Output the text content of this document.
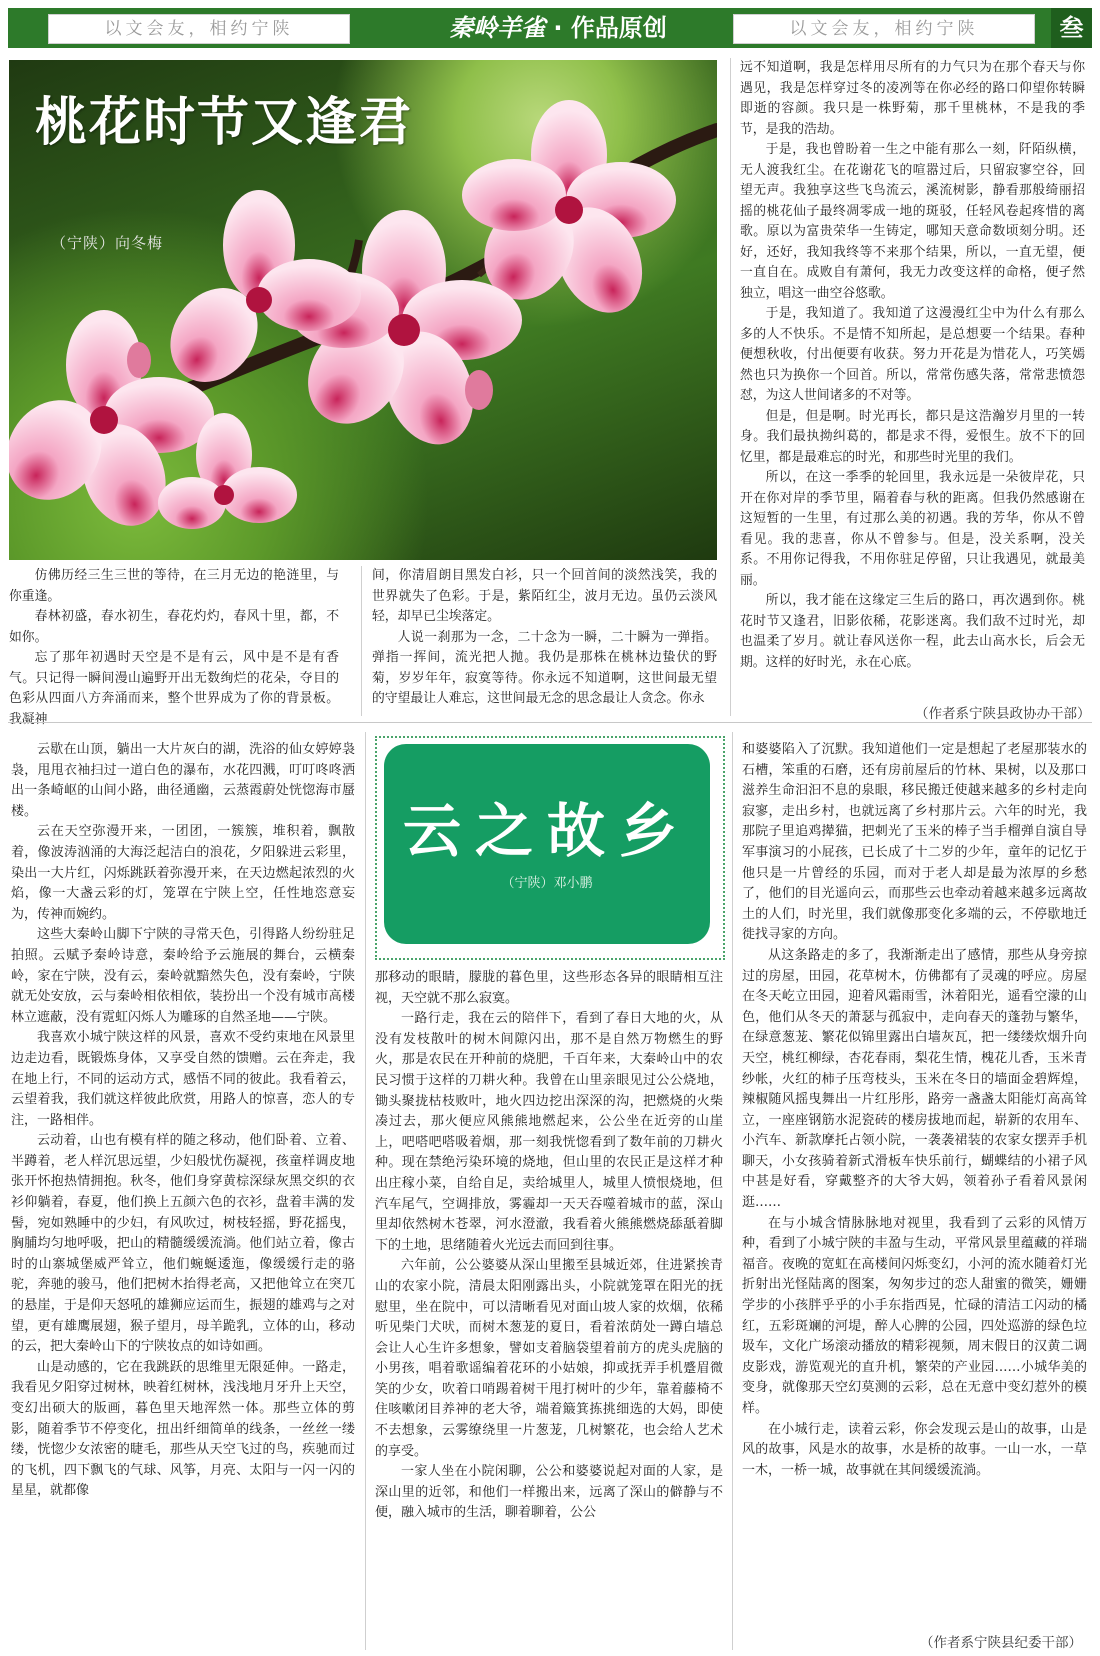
以文会友，相约宁陕	秦岭羊雀 · 作品原创	以文会友，相约宁陕	叁
桃花时节又逢君
（宁陕）向冬梅

仿佛历经三生三世的等待，在三月无边的艳涟里，与你重逢。

春林初盛，春水初生，春花灼灼，春风十里，都，不如你。

忘了那年初遇时天空是不是有云，风中是不是有香气。只记得一瞬间漫山遍野开出无数绚烂的花朵，夺目的色彩从四面八方奔涌而来，整个世界成为了你的背景板。我凝神

间，你清眉朗目黑发白衫，只一个回首间的淡然浅笑，我的世界就失了色彩。于是，紫陌红尘，波月无边。虽仍云淡风轻，却早已尘埃落定。

人说一刹那为一念，二十念为一瞬，二十瞬为一弹指。弹指一挥间，流光把人抛。我仍是那株在桃林边蛰伏的野菊，岁岁年年，寂寞等待。你永远不知道啊，这世间最无望的守望最让人难忘，这世间最无念的思念最让人贪念。你永

远不知道啊，我是怎样用尽所有的力气只为在那个春天与你遇见，我是怎样穿过冬的凌冽等在你必经的路口仰望你转瞬即逝的容颜。我只是一株野菊，那千里桃林，不是我的季节，是我的浩劫。

于是，我也曾盼着一生之中能有那么一刻，阡陌纵横，无人渡我红尘。在花谢花飞的喧嚣过后，只留寂寥空谷，回望无声。我独享这些飞鸟流云，溪流树影，静看那般绮丽招摇的桃花仙子最终凋零成一地的斑驳，任轻风卷起疼惜的离歌。原以为富贵荣华一生铸定，哪知天意命数顷刻分明。还好，还好，我知我终等不来那个结果，所以，一直无望，便一直自在。成败自有萧何，我无力改变这样的命格，便孑然独立，唱这一曲空谷悠歌。

于是，我知道了。我知道了这漫漫红尘中为什么有那么多的人不快乐。不是情不知所起，是总想要一个结果。春种便想秋收，付出便要有收获。努力开花是为惜花人，巧笑嫣然也只为换你一个回首。所以，常常伤感失落，常常悲愤怨怼，为这人世间诸多的不对等。

但是，但是啊。时光再长，都只是这浩瀚岁月里的一转身。我们最执拗纠葛的，都是求不得，爱恨生。放不下的回忆里，都是最难忘的时光，和那些时光里的我们。

所以，在这一季季的轮回里，我永远是一朵彼岸花，只开在你对岸的季节里，隔着春与秋的距离。但我仍然感谢在这短暂的一生里，有过那么美的初遇。我的芳华，你从不曾看见。我的悲喜，你从不曾参与。但是，没关系啊，没关系。不用你记得我，不用你驻足停留，只让我遇见，就最美丽。

所以，我才能在这缘定三生后的路口，再次遇到你。桃花时节又逢君，旧影依稀，花影迷离。我们敌不过时光，却也温柔了岁月。就让春风送你一程，此去山高水长，后会无期。这样的好时光，永在心底。

（作者系宁陕县政协办干部）
云之故乡
（宁陕）邓小鹏

云歇在山顶，躺出一大片灰白的湖，洗浴的仙女婷婷袅袅，甩甩衣袖扫过一道白色的瀑布，水花四溅，叮叮咚咚洒出一条崎岖的山间小路，曲径通幽，云蒸霞蔚处恍惚海市蜃楼。

云在天空弥漫开来，一团团，一簇簇，堆积着，飘散着，像波涛汹涌的大海泛起洁白的浪花，夕阳躲进云彩里，染出一大片红，闪烁跳跃着弥漫开来，在天边燃起浓烈的火焰，像一大盏云彩的灯，笼罩在宁陕上空，任性地恣意妄为，传神而婉约。

这些大秦岭山脚下宁陕的寻常天色，引得路人纷纷驻足拍照。云赋予秦岭诗意，秦岭给予云施展的舞台，云横秦岭，家在宁陕，没有云，秦岭就黯然失色，没有秦岭，宁陕就无处安放，云与秦岭相依相依，装扮出一个没有城市高楼林立遮蔽，没有霓虹闪烁人为雕琢的自然圣地——宁陕。

我喜欢小城宁陕这样的风景，喜欢不受约束地在风景里边走边看，既锻炼身体，又享受自然的馈赠。云在奔走，我在地上行，不同的运动方式，感悟不同的彼此。我看着云，云望着我，我们就这样彼此欣赏，用路人的惊喜，恋人的专注，一路相伴。

云动着，山也有模有样的随之移动，他们卧着、立着、半蹲着，老人样沉思远望，少妇般忧伤凝视，孩童样调皮地张开怀抱热情拥抱。秋冬，他们身穿黄棕深绿灰黑交织的衣衫仰躺着，春夏，他们换上五颜六色的衣衫，盘着丰满的发髻，宛如熟睡中的少妇，有风吹过，树枝轻摇，野花摇曳，胸脯均匀地呼吸，把山的精髓缓缓流淌。他们站立着，像古时的山寨城堡威严耸立，他们蜿蜒逶迤，像缓缓行走的骆驼，奔驰的骏马，他们把树木抬得老高，又把他耸立在突兀的悬崖，于是仰天怒吼的雄狮应运而生，振翅的雄鸡与之对望，更有雄鹰展翅，猴子望月，母羊跪乳，立体的山，移动的云，把大秦岭山下的宁陕妆点的如诗如画。

山是动感的，它在我跳跃的思维里无限延伸。一路走，我看见夕阳穿过树林，映着红树林，浅浅地月牙升上天空，变幻出硕大的版画，暮色里天地浑然一体。那些立体的剪影，随着季节不停变化，扭出纤细简单的线条，一丝丝一缕缕，恍惚少女浓密的睫毛，那些从天空飞过的鸟，疾驰而过的飞机，四下飘飞的气球、风筝，月亮、太阳与一闪一闪的星星，就都像

那移动的眼睛，朦胧的暮色里，这些形态各异的眼睛相互注视，天空就不那么寂寞。

一路行走，我在云的陪伴下，看到了春日大地的火，从没有发枝散叶的树木间隙闪出，那不是自然万物燃生的野火，那是农民在开种前的烧肥，千百年来，大秦岭山中的农民习惯于这样的刀耕火种。我曾在山里亲眼见过公公烧地，锄头聚拢枯枝败叶，地火四边挖出深深的沟，把燃烧的火柴凑过去，那火便应风熊熊地燃起来，公公坐在近旁的山崖上，吧嗒吧嗒吸着烟，那一刻我恍惚看到了数年前的刀耕火种。现在禁绝污染环境的烧地，但山里的农民正是这样才种出庄稼小菜，自给自足，卖给城里人，城里人愤恨烧地，但汽车尾气，空调排放，雾霾却一天天吞噬着城市的蓝，深山里却依然树木苍翠，河水澄澈，我看着火熊熊燃烧舔舐着脚下的土地，思绪随着火光远去而回到往事。

六年前，公公婆婆从深山里搬至县城近郊，住进紧挨青山的农家小院，清晨太阳刚露出头，小院就笼罩在阳光的抚慰里，坐在院中，可以清晰看见对面山坡人家的炊烟，依稀听见柴门犬吠，而树木葱茏的夏日，看着浓荫处一蹲白墙总会让人心生许多想象，譬如支着脑袋望着前方的虎头虎脑的小男孩，唱着歌谣编着花环的小姑娘，抑或抚弄手机蹙眉微笑的少女，吹着口哨踢着树干甩打树叶的少年，靠着藤椅不住咳嗽闭目养神的老大爷，端着簸箕拣挑细选的大妈，即使不去想象，云雾缭绕里一片葱茏，几树繁花，也会给人艺术的享受。

一家人坐在小院闲聊，公公和婆婆说起对面的人家，是深山里的近邻，和他们一样搬出来，远离了深山的僻静与不便，融入城市的生活，聊着聊着，公公

和婆婆陷入了沉默。我知道他们一定是想起了老屋那装水的石槽，笨重的石磨，还有房前屋后的竹林、果树，以及那口滋养生命汩汩不息的泉眼，移民搬迁使越来越多的乡村走向寂寥，走出乡村，也就远离了乡村那片云。六年的时光，我那院子里追鸡撵猫，把刺光了玉米的棒子当手榴弹自演自导军事演习的小屁孩，已长成了十二岁的少年，童年的记忆于他只是一片曾经的乐园，而对于老人却是最为浓厚的乡愁了，他们的目光遥向云，而那些云也牵动着越来越多远离故土的人们，时光里，我们就像那变化多端的云，不停歇地迁徙找寻家的方向。

从这条路走的多了，我渐渐走出了感情，那些从身旁掠过的房屋，田园，花草树木，仿佛都有了灵魂的呼应。房屋在冬天屹立田园，迎着风霜雨雪，沐着阳光，遥看空濛的山色，他们从冬天的萧瑟与孤寂中，走向春天的蓬勃与繁华，在绿意葱茏、繁花似锦里露出白墙灰瓦，把一缕缕炊烟升向天空，桃红柳绿，杏花春雨，梨花生情，槐花儿香，玉米青纱帐，火红的柿子压弯枝头，玉米在冬日的墙面金碧辉煌，辣椒随风摇曳舞出一片红彤彤，路旁一盏盏太阳能灯高高耸立，一座座钢筋水泥瓷砖的楼房拔地而起，崭新的农用车、小汽车、新款摩托占领小院，一袭袭裙装的农家女摆弄手机聊天，小女孩骑着新式滑板车快乐前行，蝴蝶结的小裙子风中甚是好看，穿戴整齐的大爷大妈，领着孙子看着风景闲逛……

在与小城含情脉脉地对视里，我看到了云彩的风情万种，看到了小城宁陕的丰盈与生动，平常风景里蕴藏的祥瑞福音。夜晚的宽虹在高楼间闪烁变幻，小河的流水随着灯光折射出光怪陆离的图案，匆匆步过的恋人甜蜜的微笑，姗姗学步的小孩胖乎乎的小手东指西晃，忙碌的清洁工闪动的橘红，五彩斑斓的河堤，醉人心脾的公园，四处巡游的绿色垃圾车，文化广场滚动播放的精彩视频，周末假日的汉黄二调皮影戏，游览观光的直升机，繁荣的产业园……小城华美的变身，就像那天空幻莫测的云彩，总在无意中变幻惹外的模样。

在小城行走，读着云彩，你会发现云是山的故事，山是风的故事，风是水的故事，水是桥的故事。一山一水，一草一木，一桥一城，故事就在其间缓缓流淌。

（作者系宁陕县纪委干部）
